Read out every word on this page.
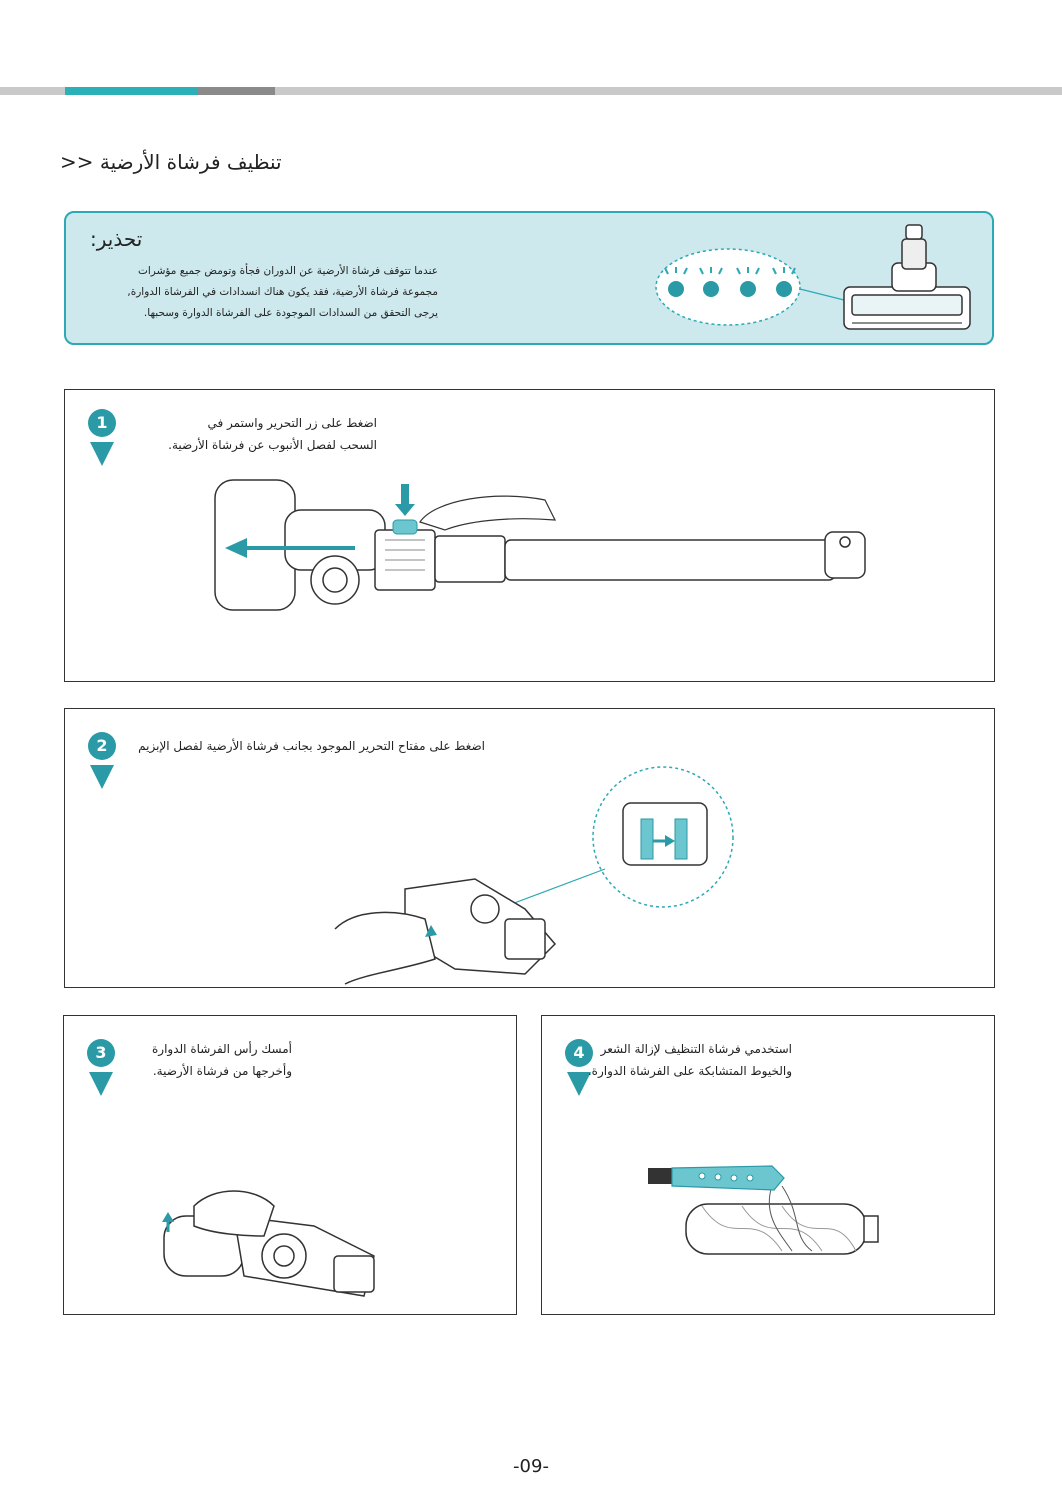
تنظيف فرشاة الأرضية <<
تحذير:
عندما تتوقف فرشاة الأرضية عن الدوران فجأة وتومض جميع مؤشرات
مجموعة فرشاة الأرضية، فقد يكون هناك انسدادات في الفرشاة الدوارة,
يرجى التحقق من السدادات الموجودة على الفرشاة الدوارة وسحبها.
1	اضغط على زر التحرير واستمر في
السحب لفصل الأنبوب عن فرشاة الأرضية.
2	اضغط على مفتاح التحرير الموجود بجانب فرشاة الأرضية لفصل الإبزيم
3	أمسك رأس الفرشاة الدوارة
وأخرجها من فرشاة الأرضية.
4	استخدمي فرشاة التنظيف لإزالة الشعر
والخيوط المتشابكة على الفرشاة الدوارة.
-09-
